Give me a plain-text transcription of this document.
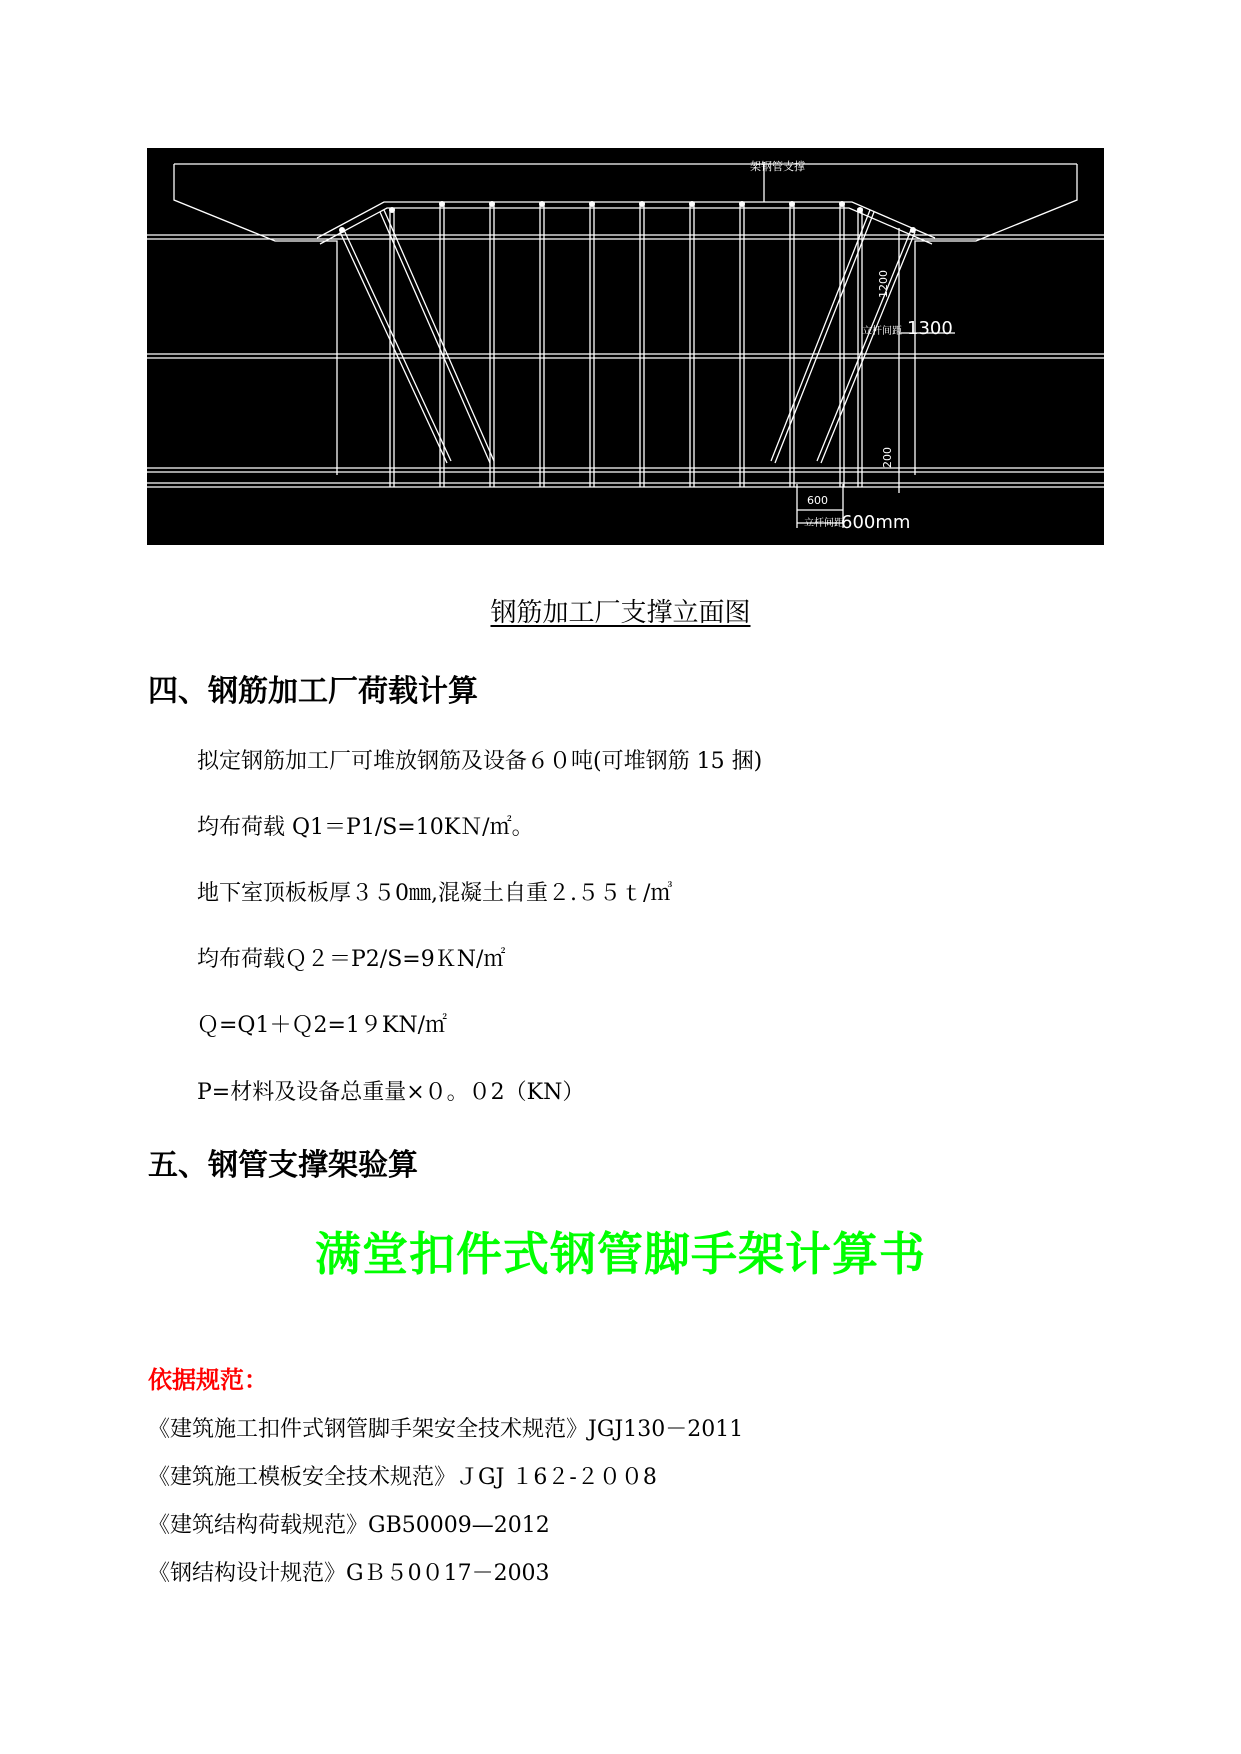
架钢管支撑
1300
1200
立杆间距
200
600
立杆间距
600mm
钢筋加工厂支撑立面图
四、钢筋加工厂荷载计算
拟定钢筋加工厂可堆放钢筋及设备６０吨(可堆钢筋 15 捆)
均布荷载 Q1＝P1/S=10KＮ/㎡。
地下室顶板板厚３５0㎜,混凝土自重２.５５ｔ/㎥
均布荷载Ｑ２＝P2/S=9ＫN/㎡
Ｑ=Q1＋Ｑ2=1９KN/㎡
P=材料及设备总重量×０。０2（KN）
五、钢管支撑架验算
满堂扣件式钢管脚手架计算书
依据规范：
《建筑施工扣件式钢管脚手架安全技术规范》JGJ130－2011
《建筑施工模板安全技术规范》ＪGJ １6２-２００8
《建筑结构荷载规范》GB50009—2012
《钢结构设计规范》GＢ５0０17－2003
